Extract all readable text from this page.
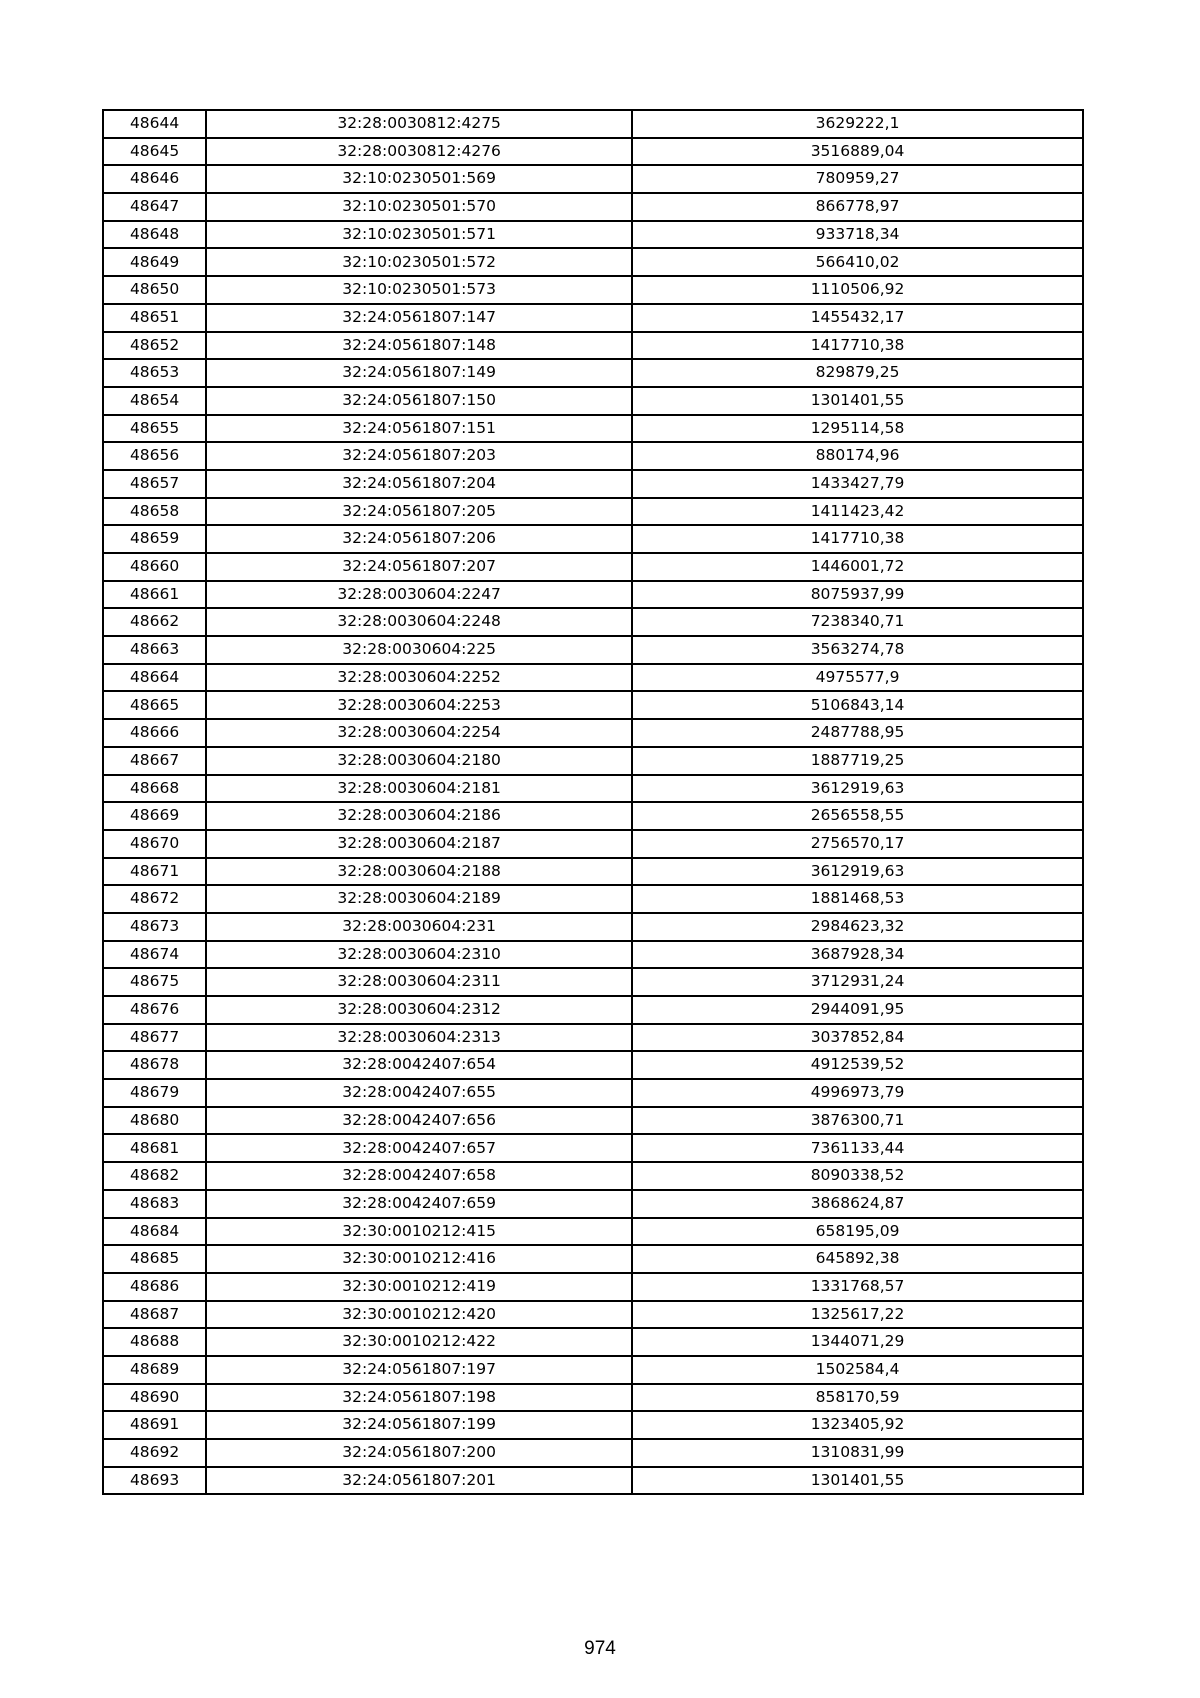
48644	32:28:0030812:4275	3629222,1
48645	32:28:0030812:4276	3516889,04
48646	32:10:0230501:569	780959,27
48647	32:10:0230501:570	866778,97
48648	32:10:0230501:571	933718,34
48649	32:10:0230501:572	566410,02
48650	32:10:0230501:573	1110506,92
48651	32:24:0561807:147	1455432,17
48652	32:24:0561807:148	1417710,38
48653	32:24:0561807:149	829879,25
48654	32:24:0561807:150	1301401,55
48655	32:24:0561807:151	1295114,58
48656	32:24:0561807:203	880174,96
48657	32:24:0561807:204	1433427,79
48658	32:24:0561807:205	1411423,42
48659	32:24:0561807:206	1417710,38
48660	32:24:0561807:207	1446001,72
48661	32:28:0030604:2247	8075937,99
48662	32:28:0030604:2248	7238340,71
48663	32:28:0030604:225	3563274,78
48664	32:28:0030604:2252	4975577,9
48665	32:28:0030604:2253	5106843,14
48666	32:28:0030604:2254	2487788,95
48667	32:28:0030604:2180	1887719,25
48668	32:28:0030604:2181	3612919,63
48669	32:28:0030604:2186	2656558,55
48670	32:28:0030604:2187	2756570,17
48671	32:28:0030604:2188	3612919,63
48672	32:28:0030604:2189	1881468,53
48673	32:28:0030604:231	2984623,32
48674	32:28:0030604:2310	3687928,34
48675	32:28:0030604:2311	3712931,24
48676	32:28:0030604:2312	2944091,95
48677	32:28:0030604:2313	3037852,84
48678	32:28:0042407:654	4912539,52
48679	32:28:0042407:655	4996973,79
48680	32:28:0042407:656	3876300,71
48681	32:28:0042407:657	7361133,44
48682	32:28:0042407:658	8090338,52
48683	32:28:0042407:659	3868624,87
48684	32:30:0010212:415	658195,09
48685	32:30:0010212:416	645892,38
48686	32:30:0010212:419	1331768,57
48687	32:30:0010212:420	1325617,22
48688	32:30:0010212:422	1344071,29
48689	32:24:0561807:197	1502584,4
48690	32:24:0561807:198	858170,59
48691	32:24:0561807:199	1323405,92
48692	32:24:0561807:200	1310831,99
48693	32:24:0561807:201	1301401,55
974
